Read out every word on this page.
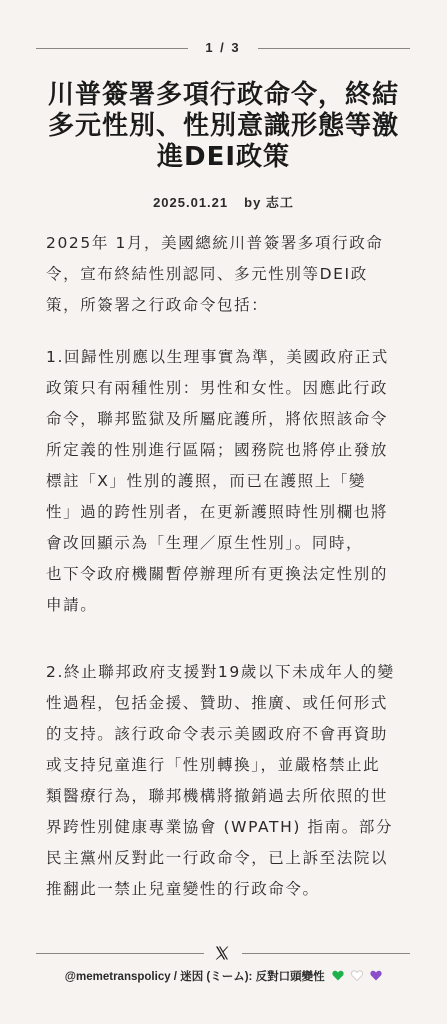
1 / 3
川普簽署多項行政命令，終結
多元性別、性別意識形態等激
進DEI政策
2025.01.21 by 志工
2025年 1月，美國總統川普簽署多項行政命
令，宣布終結性別認同、多元性別等DEI政
策，所簽署之行政命令包括：
1.回歸性別應以生理事實為準，美國政府正式
政策只有兩種性別：男性和女性。因應此行政
命令，聯邦監獄及所屬庇護所，將依照該命令
所定義的性別進行區隔；國務院也將停止發放
標註「X」性別的護照，而已在護照上「變
性」過的跨性別者，在更新護照時性別欄也將
會改回顯示為「生理／原生性別」。同時，
也下令政府機關暫停辦理所有更換法定性別的
申請。
2.終止聯邦政府支援對19歲以下未成年人的變
性過程，包括金援、贊助、推廣、或任何形式
的支持。該行政命令表示美國政府不會再資助
或支持兒童進行「性別轉換」，並嚴格禁止此
類醫療行為，聯邦機構將撤銷過去所依照的世
界跨性別健康專業協會 (WPATH) 指南。部分
民主黨州反對此一行政命令，已上訴至法院以
推翻此一禁止兒童變性的行政命令。
@memetranspolicy / 迷因 (ミーム): 反對口頭變性
